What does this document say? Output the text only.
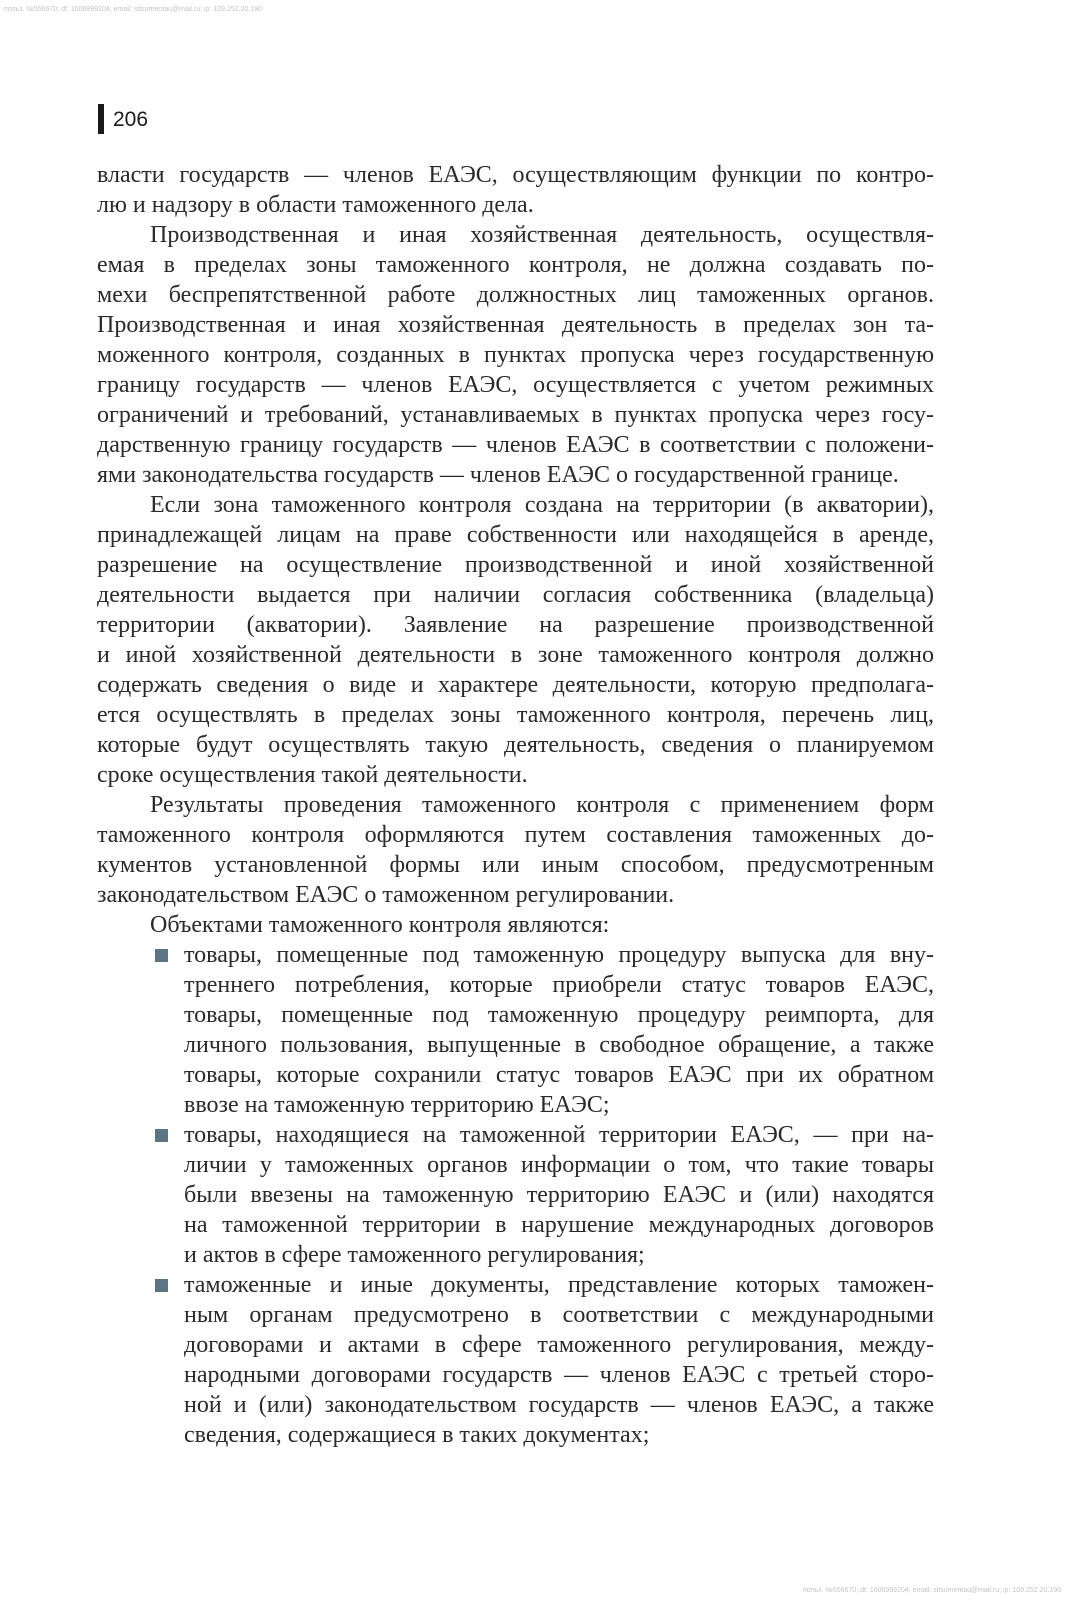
польз. №556670; dt: 1606999204; email: sitsumentau@mail.ru; ip: 109.252.20.190
206
власти государств — членов ЕАЭС, осуществляющим функции по контро-
лю и надзору в области таможенного дела.
Производственная и иная хозяйственная деятельность, осуществля-
емая в пределах зоны таможенного контроля, не должна создавать по-
мехи беспрепятственной работе должностных лиц таможенных органов.
Производственная и иная хозяйственная деятельность в пределах зон та-
моженного контроля, созданных в пунктах пропуска через государственную
границу государств — членов ЕАЭС, осуществляется с учетом режимных
ограничений и требований, устанавливаемых в пунктах пропуска через госу-
дарственную границу государств — членов ЕАЭС в соответствии с положени-
ями законодательства государств — членов ЕАЭС о государственной границе.
Если зона таможенного контроля создана на территории (в акватории),
принадлежащей лицам на праве собственности или находящейся в аренде,
разрешение на осуществление производственной и иной хозяйственной
деятельности выдается при наличии согласия собственника (владельца)
территории (акватории). Заявление на разрешение производственной
и иной хозяйственной деятельности в зоне таможенного контроля должно
содержать сведения о виде и характере деятельности, которую предполага-
ется осуществлять в пределах зоны таможенного контроля, перечень лиц,
которые будут осуществлять такую деятельность, сведения о планируемом
сроке осуществления такой деятельности.
Результаты проведения таможенного контроля с применением форм
таможенного контроля оформляются путем составления таможенных до-
кументов установленной формы или иным способом, предусмотренным
законодательством ЕАЭС о таможенном регулировании.
Объектами таможенного контроля являются:
товары, помещенные под таможенную процедуру выпуска для вну-
треннего потребления, которые приобрели статус товаров ЕАЭС,
товары, помещенные под таможенную процедуру реимпорта, для
личного пользования, выпущенные в свободное обращение, а также
товары, которые сохранили статус товаров ЕАЭС при их обратном
ввозе на таможенную территорию ЕАЭС;
товары, находящиеся на таможенной территории ЕАЭС, — при на-
личии у таможенных органов информации о том, что такие товары
были ввезены на таможенную территорию ЕАЭС и (или) находятся
на таможенной территории в нарушение международных договоров
и актов в сфере таможенного регулирования;
таможенные и иные документы, представление которых таможен-
ным органам предусмотрено в соответствии с международными
договорами и актами в сфере таможенного регулирования, между-
народными договорами государств — членов ЕАЭС с третьей сторо-
ной и (или) законодательством государств — членов ЕАЭС, а также
сведения, содержащиеся в таких документах;
польз. №556670; dt: 1606999204; email: sitsumentau@mail.ru; ip: 109.252.20.190
